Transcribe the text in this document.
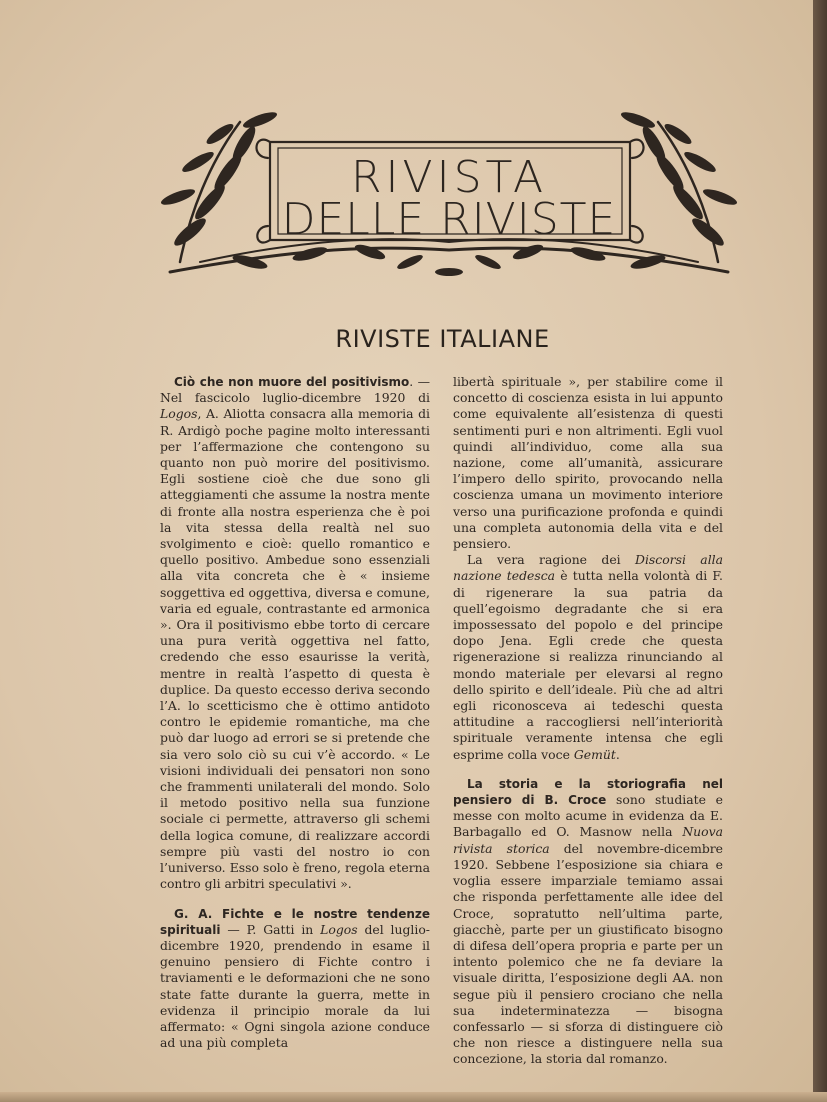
RIVISTA
DELLE RIVISTE
RIVISTE ITALIANE

Ciò che non muore del positivismo. — Nel fascicolo luglio-dicembre 1920 di Logos, A. Aliotta consacra alla memoria di R. Ardigò poche pagine molto interessanti per l’affermazione che contengono su quanto non può morire del positivismo. Egli sostiene cioè che due sono gli atteggiamenti che assume la nostra mente di fronte alla nostra esperienza che è poi la vita stessa della realtà nel suo svolgimento e cioè: quello romantico e quello positivo. Ambedue sono essenziali alla vita concreta che è « insieme soggettiva ed oggettiva, diversa e comune, varia ed eguale, contrastante ed armonica ». Ora il positivismo ebbe torto di cercare una pura verità oggettiva nel fatto, credendo che esso esaurisse la verità, mentre in realtà l’aspetto di questa è duplice. Da questo eccesso deriva secondo l’A. lo scetticismo che è ottimo antidoto contro le epidemie romantiche, ma che può dar luogo ad errori se si pretende che sia vero solo ciò su cui v’è accordo. « Le visioni individuali dei pensatori non sono che frammenti unilaterali del mondo. Solo il metodo positivo nella sua funzione sociale ci permette, attraverso gli schemi della logica comune, di realizzare accordi sempre più vasti del nostro io con l’universo. Esso solo è freno, regola eterna contro gli arbitri speculativi ».

G. A. Fichte e le nostre tendenze spirituali — P. Gatti in Logos del luglio-dicembre 1920, prendendo in esame il genuino pensiero di Fichte contro i traviamenti e le deformazioni che ne sono state fatte durante la guerra, mette in evidenza il principio morale da lui affermato: « Ogni singola azione conduce ad una più completa

libertà spirituale », per stabilire come il concetto di coscienza esista in lui appunto come equivalente all’esistenza di questi sentimenti puri e non altrimenti. Egli vuol quindi all’individuo, come alla sua nazione, come all’umanità, assicurare l’impero dello spirito, provocando nella coscienza umana un movimento interiore verso una purificazione profonda e quindi una completa autonomia della vita e del pensiero.

La vera ragione dei Discorsi alla nazione tedesca è tutta nella volontà di F. di rigenerare la sua patria da quell’egoismo degradante che si era impossessato del popolo e del principe dopo Jena. Egli crede che questa rigenerazione si realizza rinunciando al mondo materiale per elevarsi al regno dello spirito e dell’ideale. Più che ad altri egli riconosceva ai tedeschi questa attitudine a raccogliersi nell’interiorità spirituale veramente intensa che egli esprime colla voce Gemüt.

La storia e la storiografia nel pensiero di B. Croce sono studiate e messe con molto acume in evidenza da E. Barbagallo ed O. Masnow nella Nuova rivista storica del novembre-dicembre 1920. Sebbene l’esposizione sia chiara e voglia essere imparziale temiamo assai che risponda perfettamente alle idee del Croce, sopratutto nell’ultima parte, giacchè, parte per un giustificato bisogno di difesa dell’opera propria e parte per un intento polemico che ne fa deviare la visuale diritta, l’esposizione degli AA. non segue più il pensiero crociano che nella sua indeterminatezza — bisogna confessarlo — si sforza di distinguere ciò che non riesce a distinguere nella sua concezione, la storia dal romanzo.
